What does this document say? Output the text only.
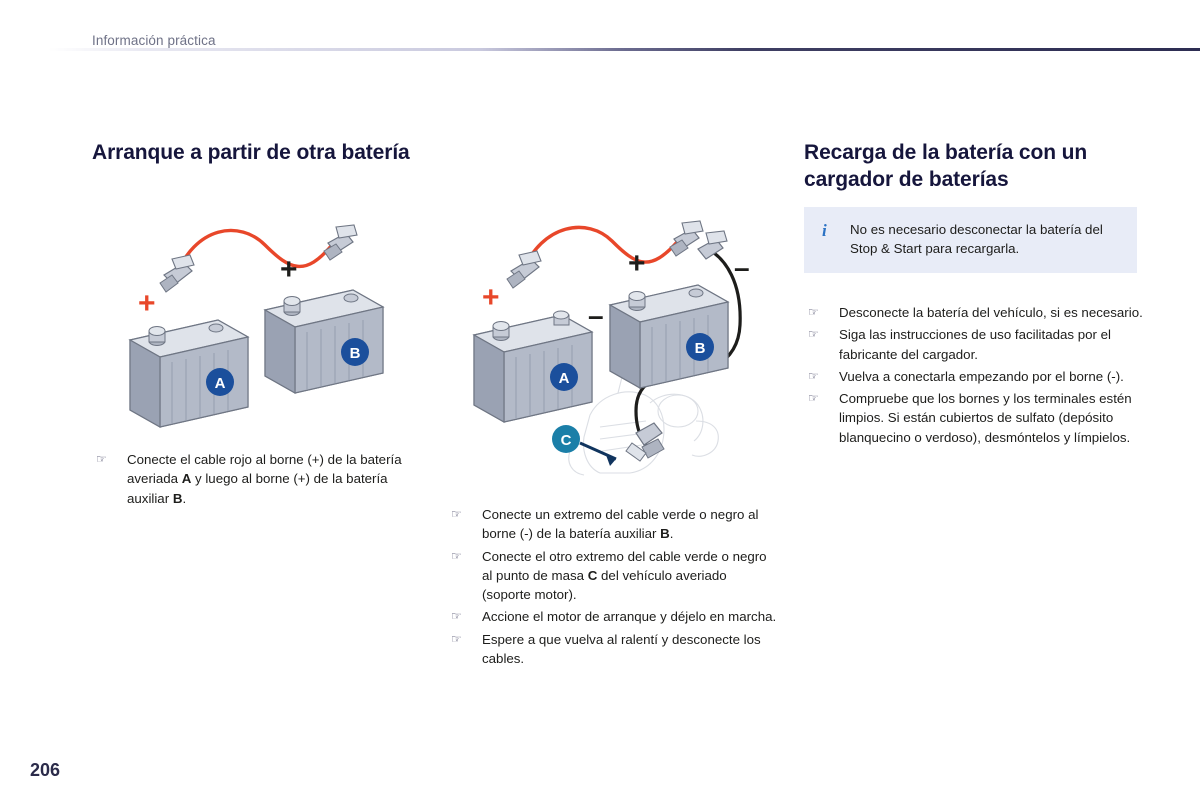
Información práctica
Arranque a partir de otra batería
+
+
A
B
☞ Conecte el cable rojo al borne (+) de la batería averiada A y luego al borne (+) de la batería auxiliar B.
+
+
–
–
A
B
C
☞ Conecte un extremo del cable verde o negro al borne (-) de la batería auxiliar B.
☞ Conecte el otro extremo del cable verde o negro al punto de masa C del vehículo averiado (soporte motor).
☞ Accione el motor de arranque y déjelo en marcha.
☞ Espere a que vuelva al ralentí y desconecte los cables.
Recarga de la batería con un cargador de baterías
i No es necesario desconectar la batería del Stop & Start para recargarla.

☞ Desconecte la batería del vehículo, si es necesario.
☞ Siga las instrucciones de uso facilitadas por el fabricante del cargador.
☞ Vuelva a conectarla empezando por el borne (-).
☞ Compruebe que los bornes y los terminales estén limpios. Si están cubiertos de sulfato (depósito blanquecino o verdoso), desmóntelos y límpielos.
206
